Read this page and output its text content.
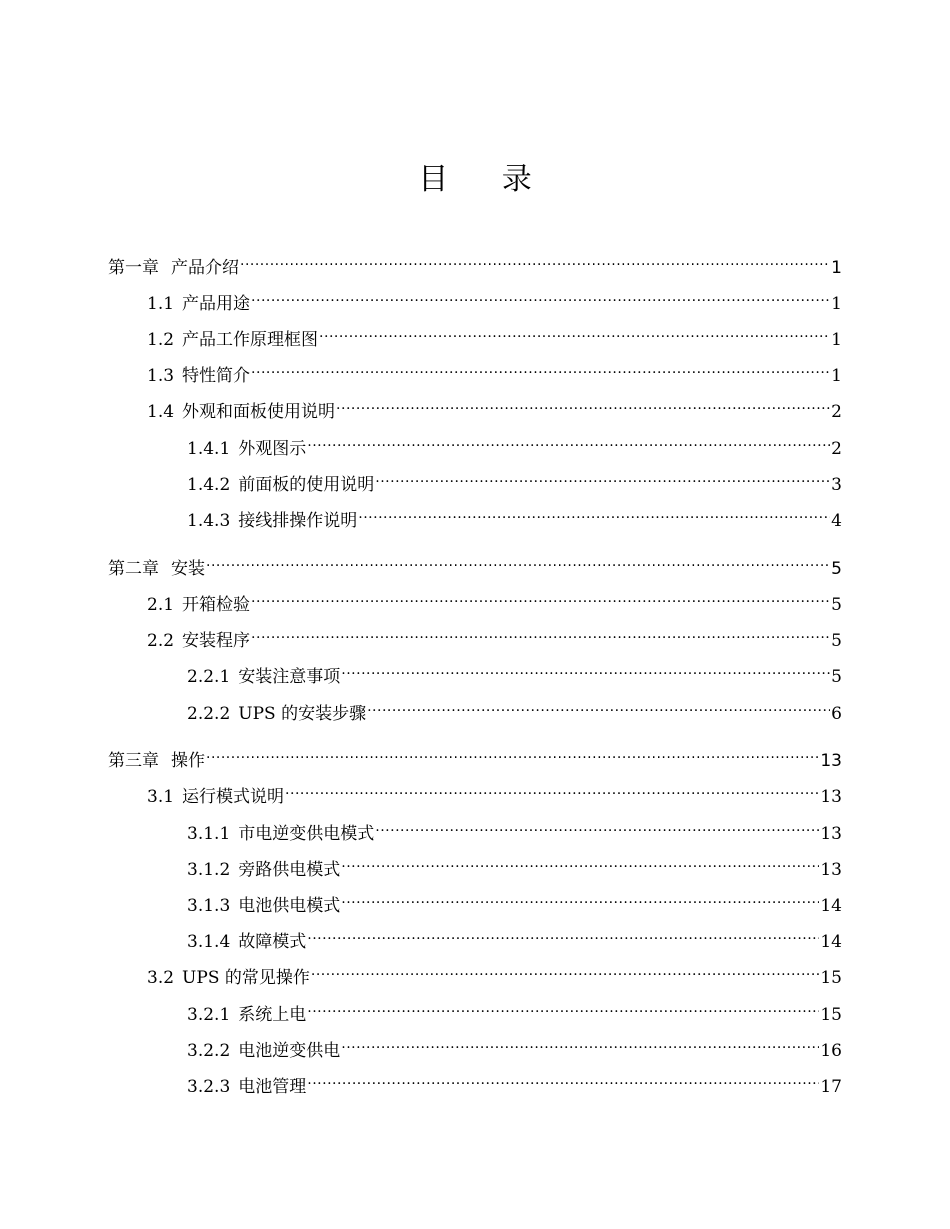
目 录
第一章 产品介绍 .....	1
1.1 产品用途 .....	1
1.2 产品工作原理框图 .....	1
1.3 特性简介 .....	1
1.4 外观和面板使用说明 .....	2
1.4.1 外观图示 .....	2
1.4.2 前面板的使用说明 .....	3
1.4.3 接线排操作说明 .....	4
第二章 安装 .....	5
2.1 开箱检验 .....	5
2.2 安装程序 .....	5
2.2.1 安装注意事项 .....	5
2.2.2 UPS 的安装步骤 .....	6
第三章 操作 .....	13
3.1 运行模式说明 .....	13
3.1.1 市电逆变供电模式 .....	13
3.1.2 旁路供电模式 .....	13
3.1.3 电池供电模式 .....	14
3.1.4 故障模式 .....	14
3.2 UPS 的常见操作 .....	15
3.2.1 系统上电 .....	15
3.2.2 电池逆变供电 .....	16
3.2.3 电池管理 .....	17
